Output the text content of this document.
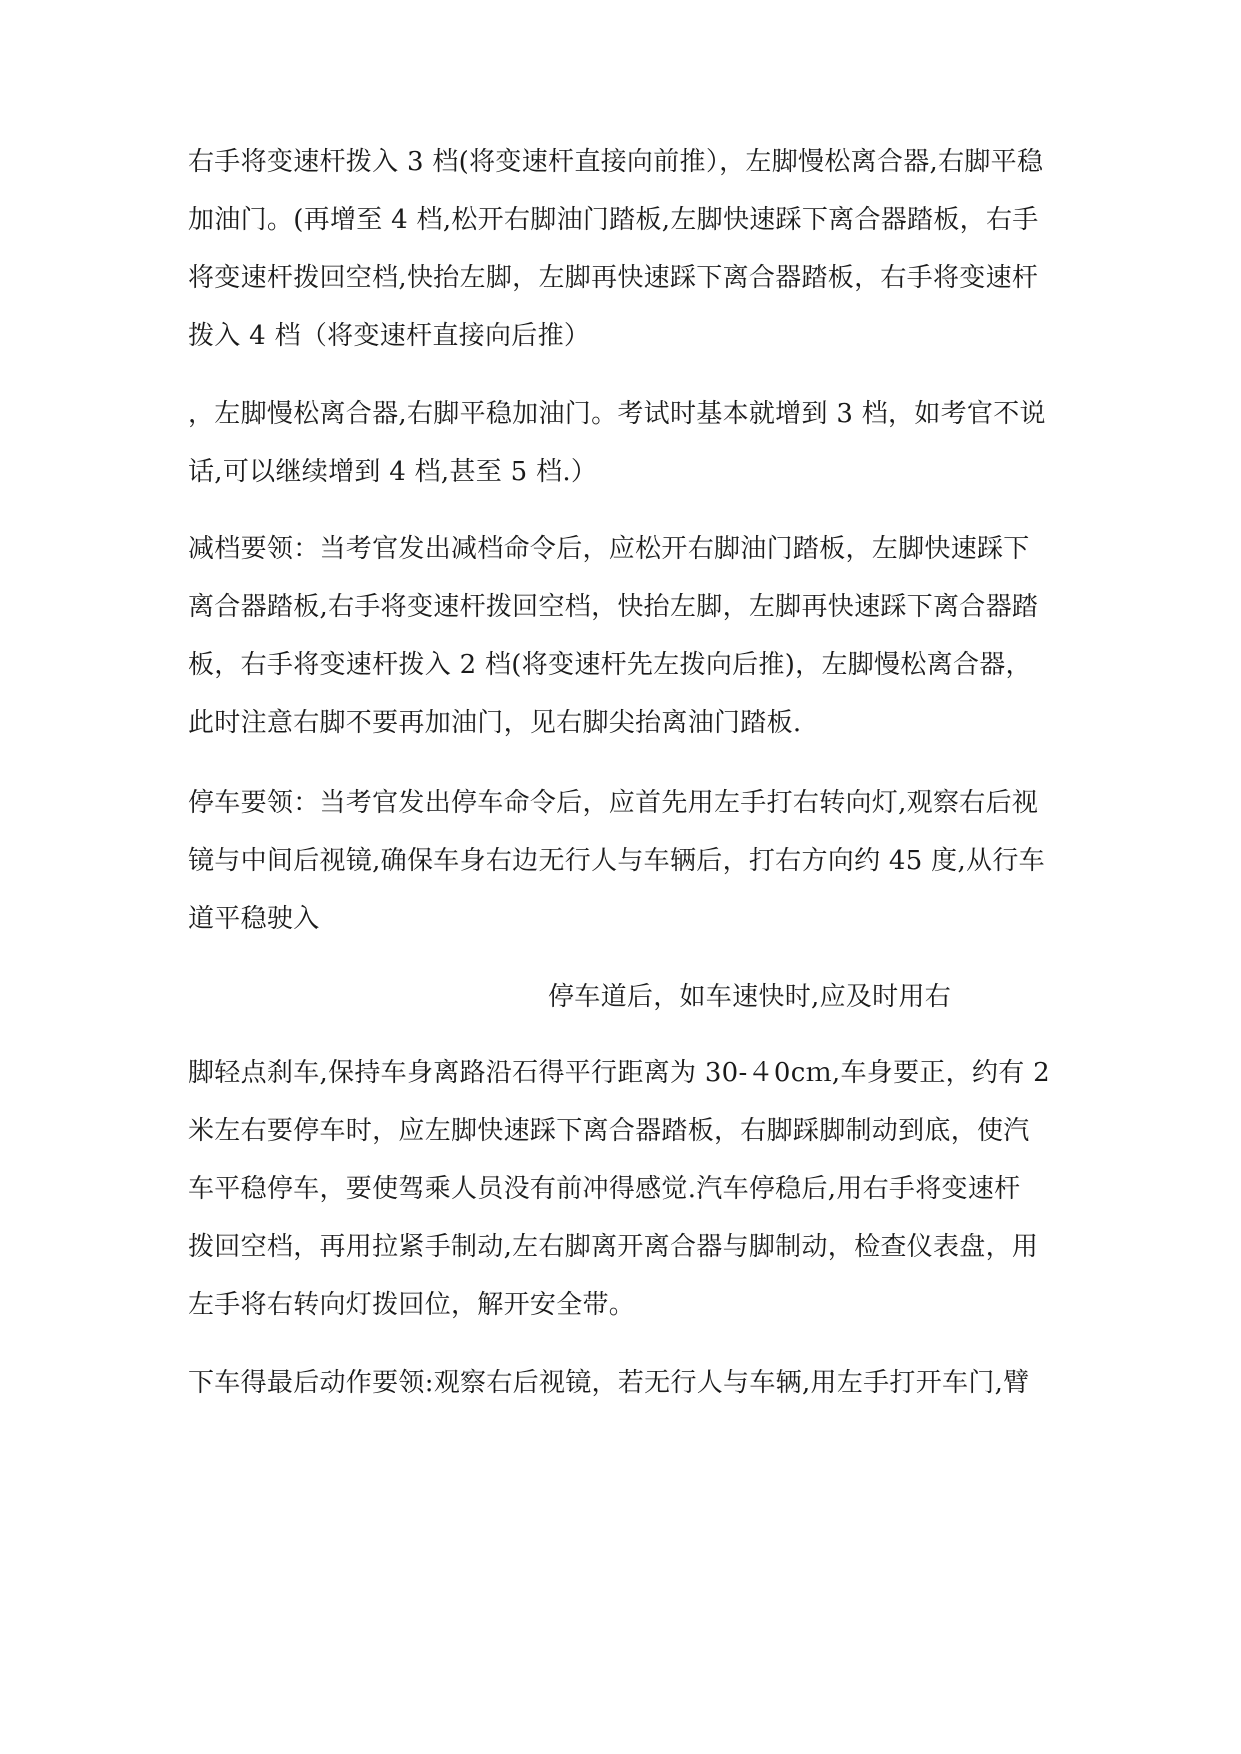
右手将变速杆拨入 3 档(将变速杆直接向前推），左脚慢松离合器,右脚平稳
加油门。(再增至 4 档,松开右脚油门踏板,左脚快速踩下离合器踏板，右手
将变速杆拨回空档,快抬左脚，左脚再快速踩下离合器踏板，右手将变速杆
拨入 4 档（将变速杆直接向后推）
，左脚慢松离合器,右脚平稳加油门。考试时基本就增到 3 档，如考官不说
话,可以继续增到 4 档,甚至 5 档.）
减档要领：当考官发出减档命令后，应松开右脚油门踏板，左脚快速踩下
离合器踏板,右手将变速杆拨回空档，快抬左脚，左脚再快速踩下离合器踏
板，右手将变速杆拨入 2 档(将变速杆先左拨向后推)，左脚慢松离合器，
此时注意右脚不要再加油门，见右脚尖抬离油门踏板.
停车要领：当考官发出停车命令后，应首先用左手打右转向灯,观察右后视
镜与中间后视镜,确保车身右边无行人与车辆后，打右方向约 45 度,从行车
道平稳驶入
停车道后，如车速快时,应及时用右
脚轻点刹车,保持车身离路沿石得平行距离为 30-４0cｍ,车身要正，约有 2
米左右要停车时，应左脚快速踩下离合器踏板，右脚踩脚制动到底，使汽
车平稳停车，要使驾乘人员没有前冲得感觉.汽车停稳后,用右手将变速杆
拨回空档，再用拉紧手制动,左右脚离开离合器与脚制动，检查仪表盘，用
左手将右转向灯拨回位，解开安全带。
下车得最后动作要领:观察右后视镜，若无行人与车辆,用左手打开车门,臂
